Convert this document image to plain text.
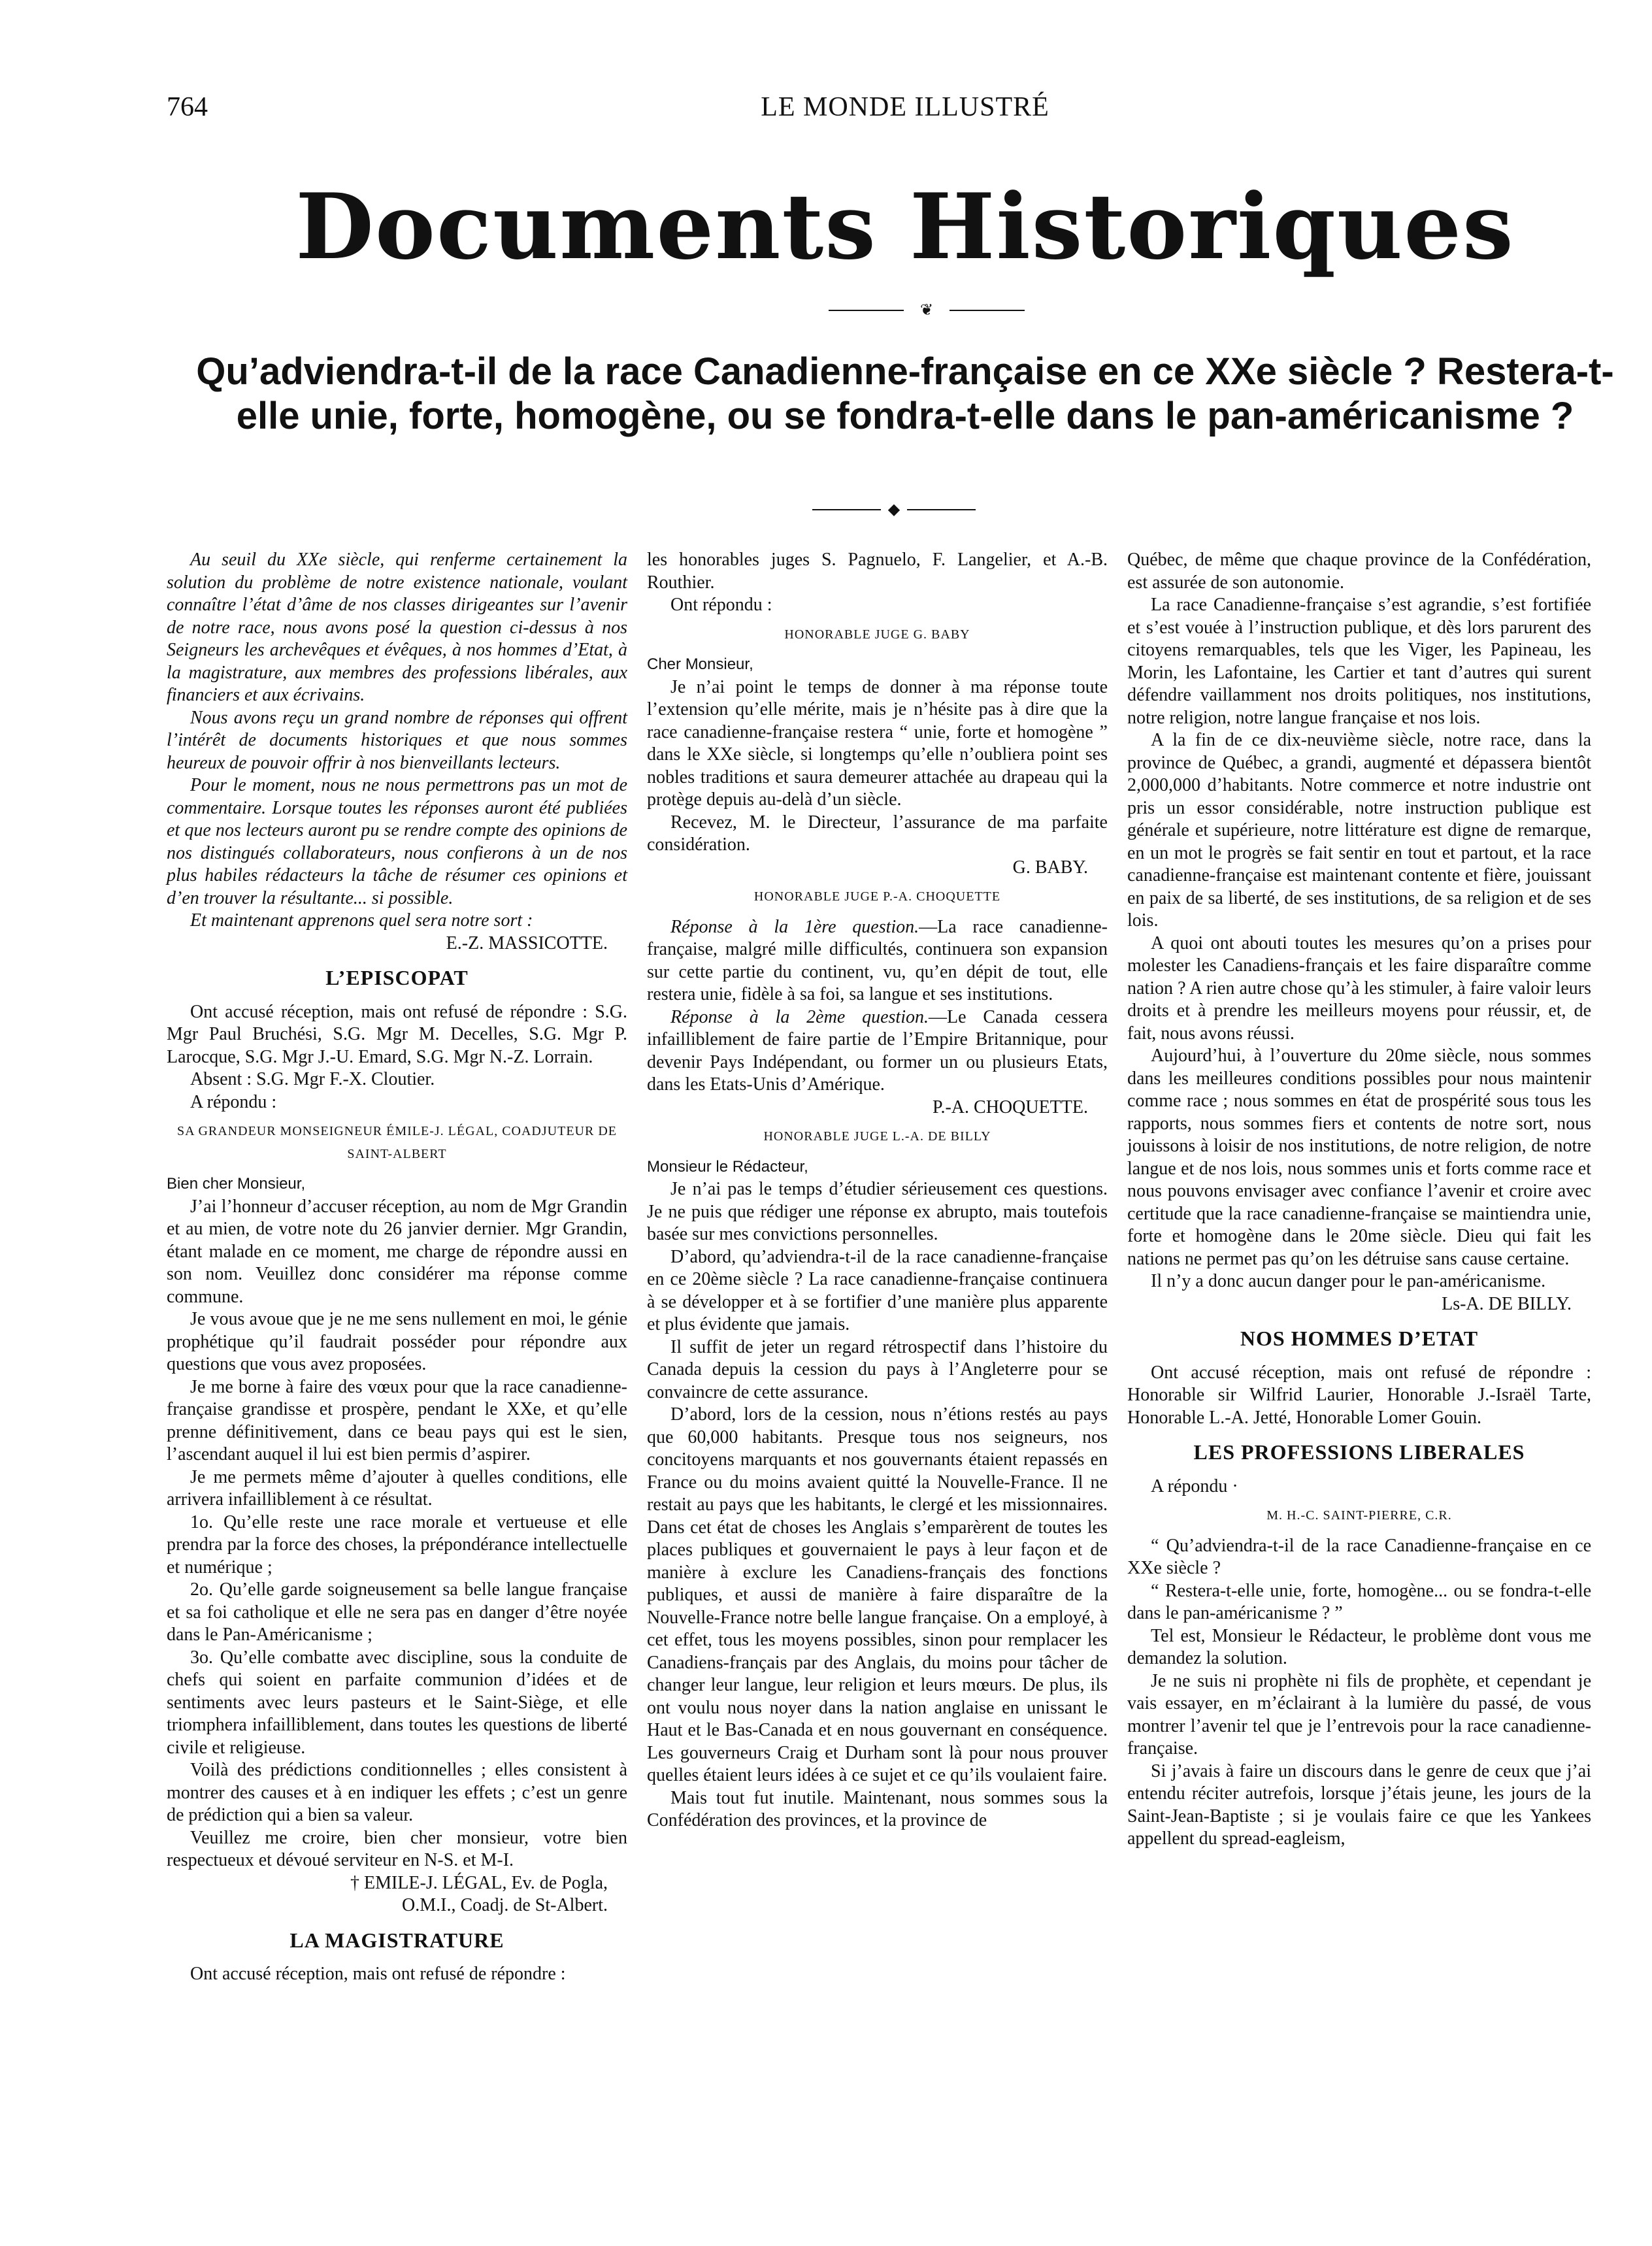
764	LE MONDE ILLUSTRÉ
Documents Historiques
❦
Qu’adviendra-t-il de la race Canadienne-française en ce XXe siècle ? Restera-t-elle unie, forte, homogène, ou se fondra-t-elle dans le pan-américanisme ?
◆

Au seuil du XXe siècle, qui renferme certainement la solution du problème de notre existence nationale, voulant connaître l’état d’âme de nos classes dirigeantes sur l’avenir de notre race, nous avons posé la question ci-dessus à nos Seigneurs les archevêques et évêques, à nos hommes d’Etat, à la magistrature, aux membres des professions libérales, aux financiers et aux écrivains.

Nous avons reçu un grand nombre de réponses qui offrent l’intérêt de documents historiques et que nous sommes heureux de pouvoir offrir à nos bienveillants lecteurs.

Pour le moment, nous ne nous permettrons pas un mot de commentaire. Lorsque toutes les réponses auront été publiées et que nos lecteurs auront pu se rendre compte des opinions de nos distingués collaborateurs, nous confierons à un de nos plus habiles rédacteurs la tâche de résumer ces opinions et d’en trouver la résultante... si possible.

Et maintenant apprenons quel sera notre sort :

E.-Z. MASSICOTTE.

L’EPISCOPAT

Ont accusé réception, mais ont refusé de répondre : S.G. Mgr Paul Bruchési, S.G. Mgr M. Decelles, S.G. Mgr P. Larocque, S.G. Mgr J.-U. Emard, S.G. Mgr N.-Z. Lorrain.

Absent : S.G. Mgr F.-X. Cloutier.

A répondu :

SA GRANDEUR MONSEIGNEUR ÉMILE-J. LÉGAL, COADJUTEUR DE SAINT-ALBERT

Bien cher Monsieur,

J’ai l’honneur d’accuser réception, au nom de Mgr Grandin et au mien, de votre note du 26 janvier dernier. Mgr Grandin, étant malade en ce moment, me charge de répondre aussi en son nom. Veuillez donc considérer ma réponse comme commune.

Je vous avoue que je ne me sens nullement en moi, le génie prophétique qu’il faudrait posséder pour répondre aux questions que vous avez proposées.

Je me borne à faire des vœux pour que la race canadienne-française grandisse et prospère, pendant le XXe, et qu’elle prenne définitivement, dans ce beau pays qui est le sien, l’ascendant auquel il lui est bien permis d’aspirer.

Je me permets même d’ajouter à quelles conditions, elle arrivera infailliblement à ce résultat.

1o. Qu’elle reste une race morale et vertueuse et elle prendra par la force des choses, la prépondérance intellectuelle et numérique ;

2o. Qu’elle garde soigneusement sa belle langue française et sa foi catholique et elle ne sera pas en danger d’être noyée dans le Pan-Américanisme ;

3o. Qu’elle combatte avec discipline, sous la conduite de chefs qui soient en parfaite communion d’idées et de sentiments avec leurs pasteurs et le Saint-Siège, et elle triomphera infailliblement, dans toutes les questions de liberté civile et religieuse.

Voilà des prédictions conditionnelles ; elles consistent à montrer des causes et à en indiquer les effets ; c’est un genre de prédiction qui a bien sa valeur.

Veuillez me croire, bien cher monsieur, votre bien respectueux et dévoué serviteur en N-S. et M-I.

† EMILE-J. LÉGAL, Ev. de Pogla,

O.M.I., Coadj. de St-Albert.

LA MAGISTRATURE

Ont accusé réception, mais ont refusé de répondre :

les honorables juges S. Pagnuelo, F. Langelier, et A.-B. Routhier.

Ont répondu :

HONORABLE JUGE G. BABY

Cher Monsieur,

Je n’ai point le temps de donner à ma réponse toute l’extension qu’elle mérite, mais je n’hésite pas à dire que la race canadienne-française restera “ unie, forte et homogène ” dans le XXe siècle, si longtemps qu’elle n’oubliera point ses nobles traditions et saura demeurer attachée au drapeau qui la protège depuis au-delà d’un siècle.

Recevez, M. le Directeur, l’assurance de ma parfaite considération.

G. BABY.

HONORABLE JUGE P.-A. CHOQUETTE

Réponse à la 1ère question.—La race canadienne-française, malgré mille difficultés, continuera son expansion sur cette partie du continent, vu, qu’en dépit de tout, elle restera unie, fidèle à sa foi, sa langue et ses institutions.

Réponse à la 2ème question.—Le Canada cessera infailliblement de faire partie de l’Empire Britannique, pour devenir Pays Indépendant, ou former un ou plusieurs Etats, dans les Etats-Unis d’Amérique.

P.-A. CHOQUETTE.

HONORABLE JUGE L.-A. DE BILLY

Monsieur le Rédacteur,

Je n’ai pas le temps d’étudier sérieusement ces questions. Je ne puis que rédiger une réponse ex abrupto, mais toutefois basée sur mes convictions personnelles.

D’abord, qu’adviendra-t-il de la race canadienne-française en ce 20ème siècle ? La race canadienne-française continuera à se développer et à se fortifier d’une manière plus apparente et plus évidente que jamais.

Il suffit de jeter un regard rétrospectif dans l’histoire du Canada depuis la cession du pays à l’Angleterre pour se convaincre de cette assurance.

D’abord, lors de la cession, nous n’étions restés au pays que 60,000 habitants. Presque tous nos seigneurs, nos concitoyens marquants et nos gouvernants étaient repassés en France ou du moins avaient quitté la Nouvelle-France. Il ne restait au pays que les habitants, le clergé et les missionnaires. Dans cet état de choses les Anglais s’emparèrent de toutes les places publiques et gouvernaient le pays à leur façon et de manière à exclure les Canadiens-français des fonctions publiques, et aussi de manière à faire disparaître de la Nouvelle-France notre belle langue française. On a employé, à cet effet, tous les moyens possibles, sinon pour remplacer les Canadiens-français par des Anglais, du moins pour tâcher de changer leur langue, leur religion et leurs mœurs. De plus, ils ont voulu nous noyer dans la nation anglaise en unissant le Haut et le Bas-Canada et en nous gouvernant en conséquence. Les gouverneurs Craig et Durham sont là pour nous prouver quelles étaient leurs idées à ce sujet et ce qu’ils voulaient faire.

Mais tout fut inutile. Maintenant, nous sommes sous la Confédération des provinces, et la province de

Québec, de même que chaque province de la Confédération, est assurée de son autonomie.

La race Canadienne-française s’est agrandie, s’est fortifiée et s’est vouée à l’instruction publique, et dès lors parurent des citoyens remarquables, tels que les Viger, les Papineau, les Morin, les Lafontaine, les Cartier et tant d’autres qui surent défendre vaillamment nos droits politiques, nos institutions, notre religion, notre langue française et nos lois.

A la fin de ce dix-neuvième siècle, notre race, dans la province de Québec, a grandi, augmenté et dépassera bientôt 2,000,000 d’habitants. Notre commerce et notre industrie ont pris un essor considérable, notre instruction publique est générale et supérieure, notre littérature est digne de remarque, en un mot le progrès se fait sentir en tout et partout, et la race canadienne-française est maintenant contente et fière, jouissant en paix de sa liberté, de ses institutions, de sa religion et de ses lois.

A quoi ont abouti toutes les mesures qu’on a prises pour molester les Canadiens-français et les faire disparaître comme nation ? A rien autre chose qu’à les stimuler, à faire valoir leurs droits et à prendre les meilleurs moyens pour réussir, et, de fait, nous avons réussi.

Aujourd’hui, à l’ouverture du 20me siècle, nous sommes dans les meilleures conditions possibles pour nous maintenir comme race ; nous sommes en état de prospérité sous tous les rapports, nous sommes fiers et contents de notre sort, nous jouissons à loisir de nos institutions, de notre religion, de notre langue et de nos lois, nous sommes unis et forts comme race et nous pouvons envisager avec confiance l’avenir et croire avec certitude que la race canadienne-française se maintiendra unie, forte et homogène dans le 20me siècle. Dieu qui fait les nations ne permet pas qu’on les détruise sans cause certaine.

Il n’y a donc aucun danger pour le pan-américanisme.

Ls-A. DE BILLY.

NOS HOMMES D’ETAT

Ont accusé réception, mais ont refusé de répondre : Honorable sir Wilfrid Laurier, Honorable J.-Israël Tarte, Honorable L.-A. Jetté, Honorable Lomer Gouin.

LES PROFESSIONS LIBERALES

A répondu ·

M. H.-C. SAINT-PIERRE, C.R.

“ Qu’adviendra-t-il de la race Canadienne-française en ce XXe siècle ?

“ Restera-t-elle unie, forte, homogène... ou se fondra-t-elle dans le pan-américanisme ? ”

Tel est, Monsieur le Rédacteur, le problème dont vous me demandez la solution.

Je ne suis ni prophète ni fils de prophète, et cependant je vais essayer, en m’éclairant à la lumière du passé, de vous montrer l’avenir tel que je l’entrevois pour la race canadienne-française.

Si j’avais à faire un discours dans le genre de ceux que j’ai entendu réciter autrefois, lorsque j’étais jeune, les jours de la Saint-Jean-Baptiste ; si je voulais faire ce que les Yankees appellent du spread-eagleism,
